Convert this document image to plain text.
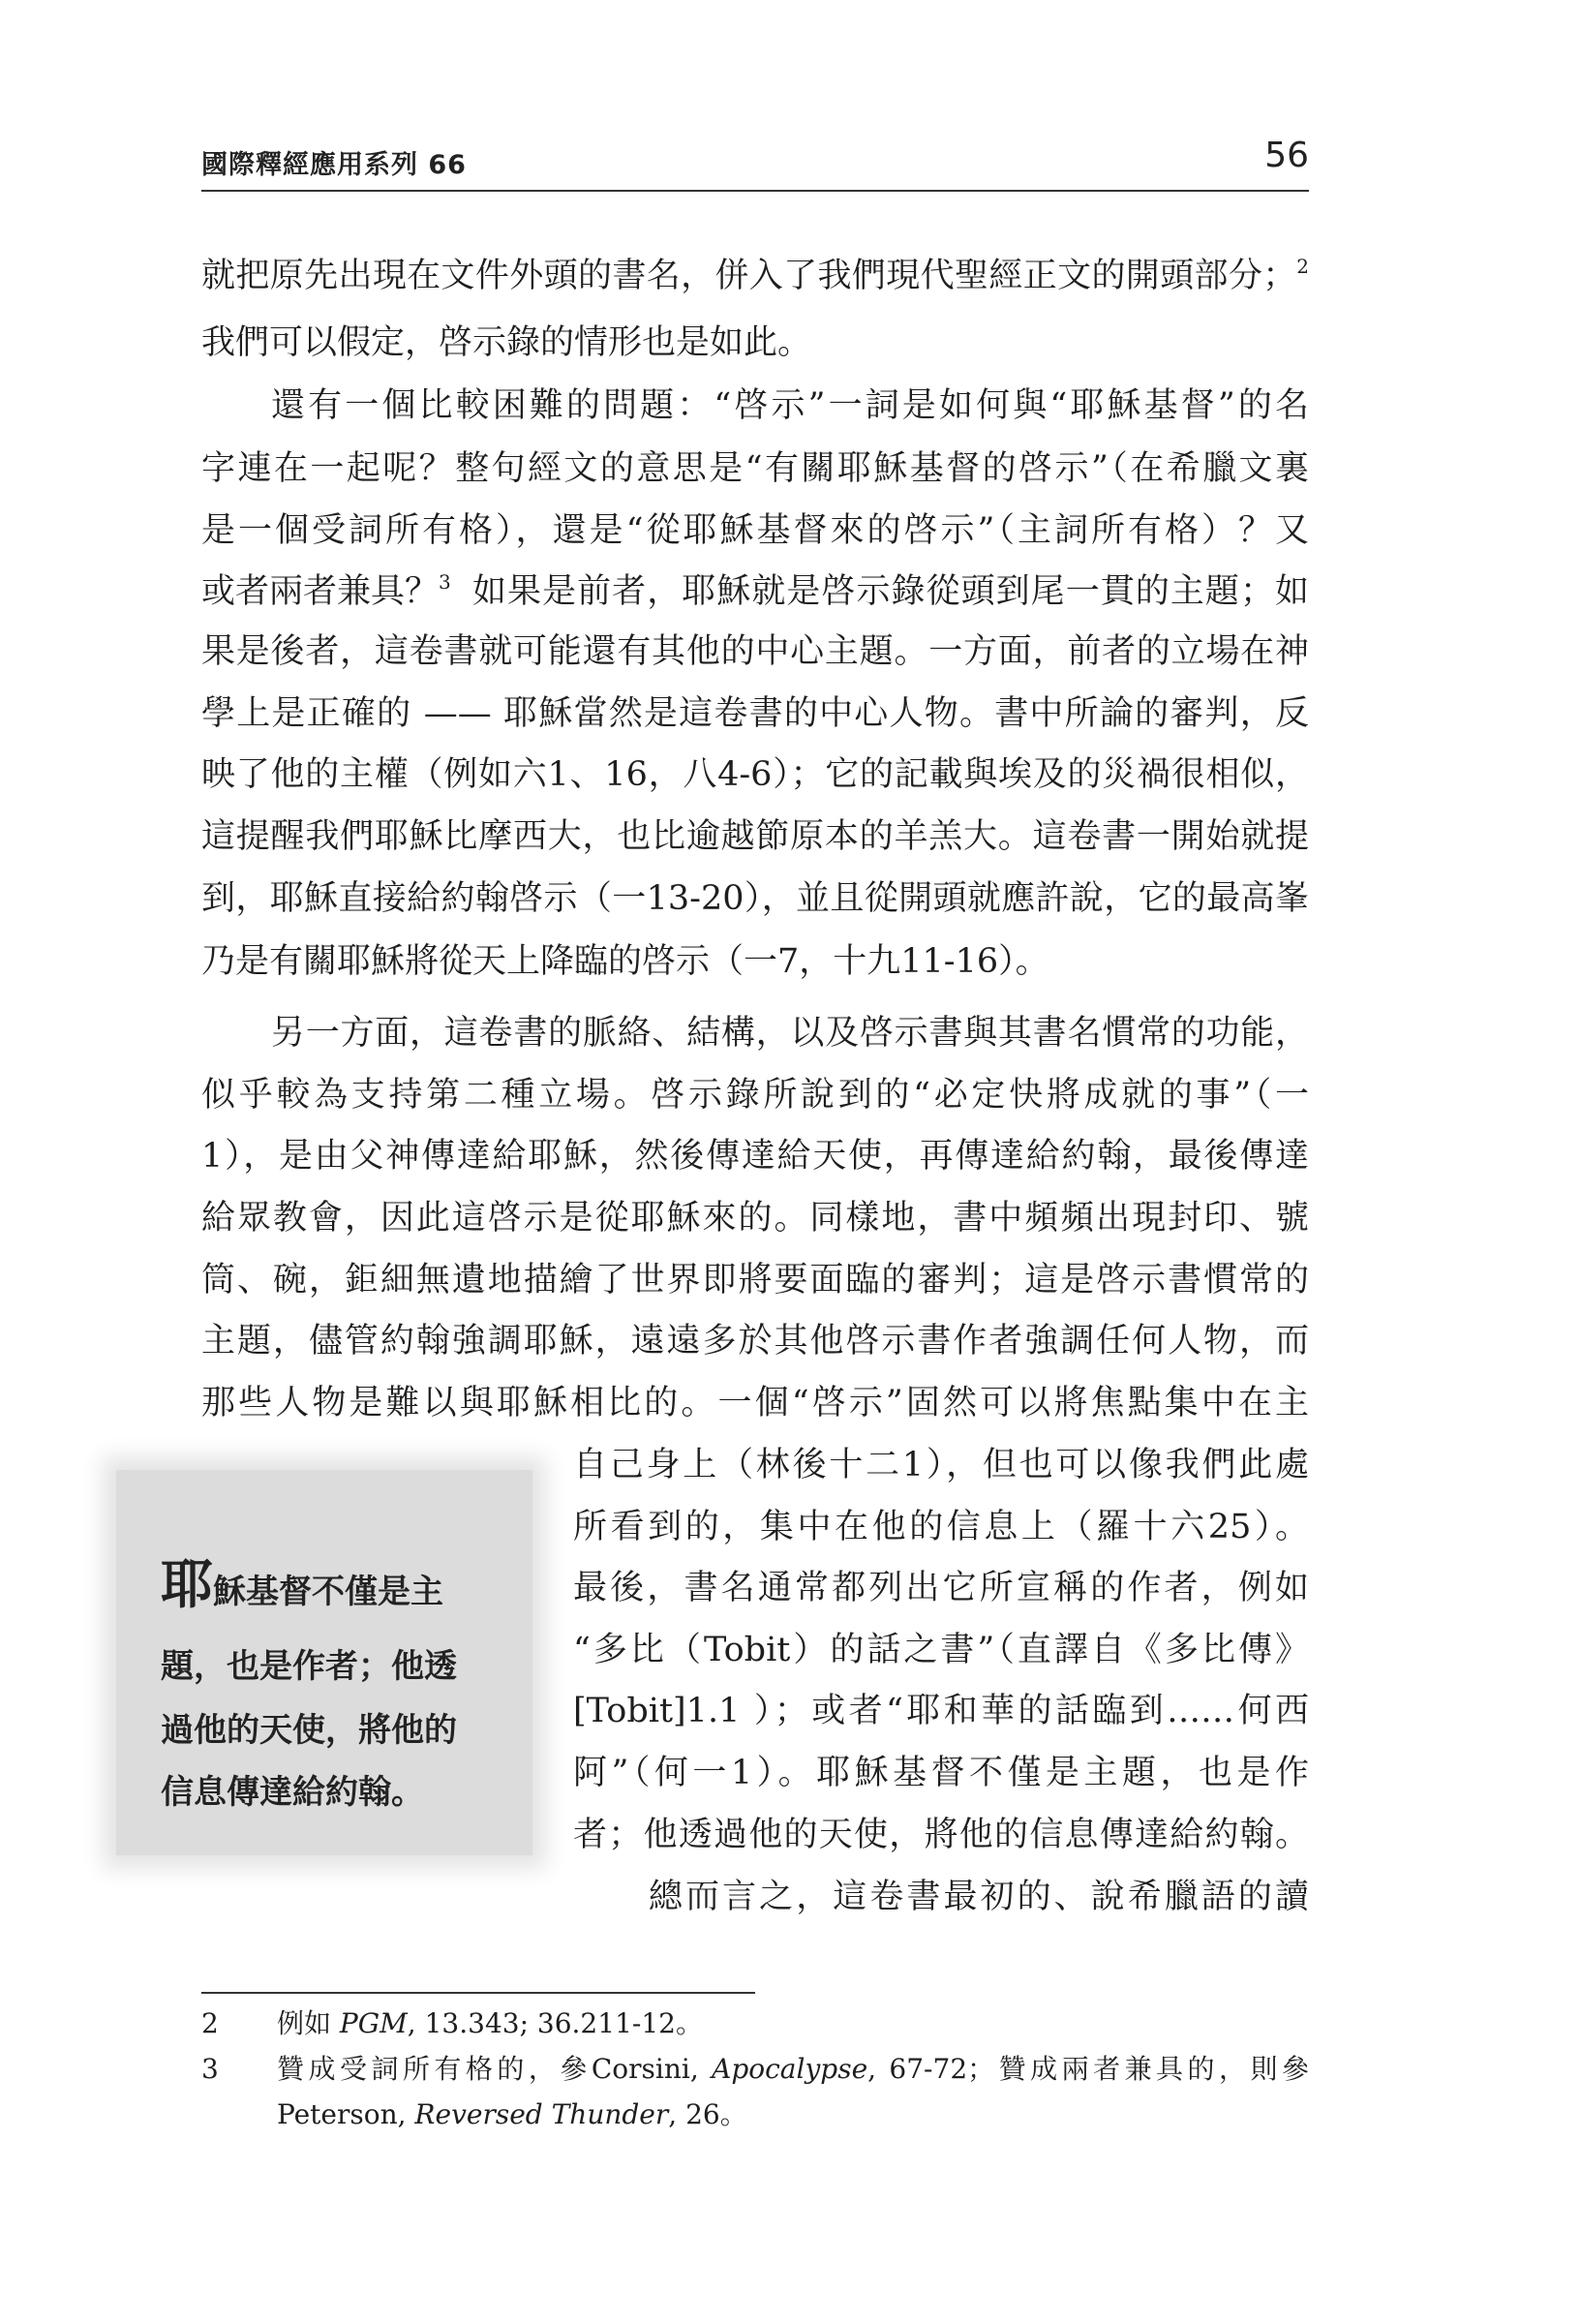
國際釋經應用系列 66	56
就把原先出現在文件外頭的書名，併入了我們現代聖經正文的開頭部分；$^2$
我們可以假定，啓示錄的情形也是如此。
還有一個比較困難的問題：“啓示”一詞是如何與“耶穌基督”的名
字連在一起呢？整句經文的意思是“有關耶穌基督的啓示”（在希臘文裏
是一個受詞所有格），還是“從耶穌基督來的啓示”（主詞所有格）？又
或者兩者兼具？$^3$ 如果是前者，耶穌就是啓示錄從頭到尾一貫的主題；如
果是後者，這卷書就可能還有其他的中心主題。一方面，前者的立場在神
學上是正確的 —— 耶穌當然是這卷書的中心人物。書中所論的審判，反
映了他的主權（例如六1、16，八4-6）；它的記載與埃及的災禍很相似，
這提醒我們耶穌比摩西大，也比逾越節原本的羊羔大。這卷書一開始就提
到，耶穌直接給約翰啓示（一13-20），並且從開頭就應許說，它的最高峯
乃是有關耶穌將從天上降臨的啓示（一7，十九11-16）。
另一方面，這卷書的脈絡、結構，以及啓示書與其書名慣常的功能，
似乎較為支持第二種立場。啓示錄所說到的“必定快將成就的事”（一
1），是由父神傳達給耶穌，然後傳達給天使，再傳達給約翰，最後傳達
給眾教會，因此這啓示是從耶穌來的。同樣地，書中頻頻出現封印、號
筒、碗，鉅細無遺地描繪了世界即將要面臨的審判；這是啓示書慣常的
主題，儘管約翰強調耶穌，遠遠多於其他啓示書作者強調任何人物，而
那些人物是難以與耶穌相比的。一個“啓示”固然可以將焦點集中在主
自己身上（林後十二1），但也可以像我們此處
所看到的，集中在他的信息上（羅十六25）。
最後，書名通常都列出它所宣稱的作者，例如
“多比（Tobit）的話之書”（直譯自《多比傳》
[Tobit]1.1 ）；或者“耶和華的話臨到……何西
阿”（何一1）。耶穌基督不僅是主題，也是作
者；他透過他的天使，將他的信息傳達給約翰。
總而言之，這卷書最初的、說希臘語的讀
耶穌基督不僅是主
題，也是作者；他透
過他的天使，將他的
信息傳達給約翰。
2 例如 PGM, 13.343; 36.211-12。
3 贊成受詞所有格的，參Corsini, Apocalypse, 67-72；贊成兩者兼具的，則參
Peterson, Reversed Thunder, 26。
